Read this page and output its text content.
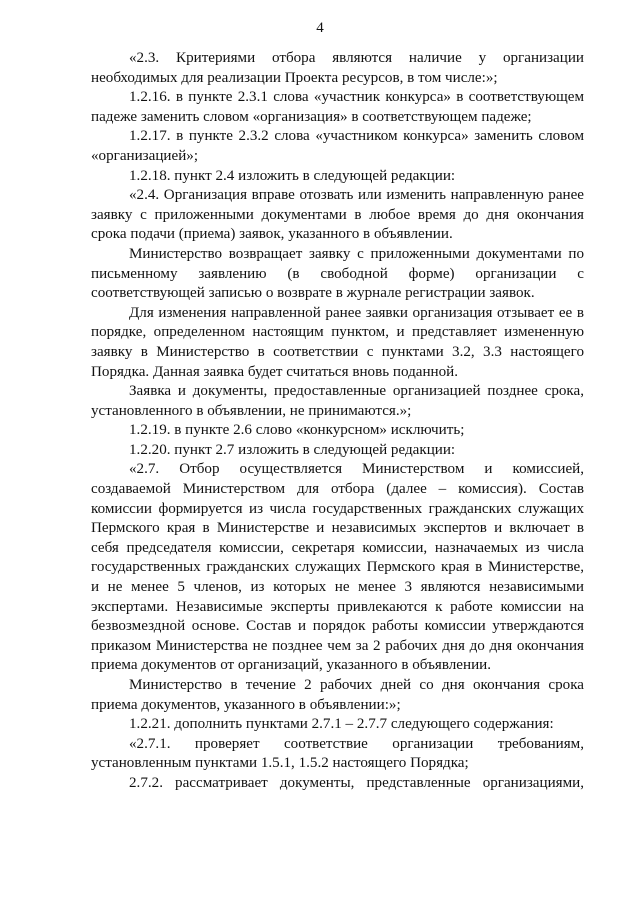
4

«2.3. Критериями отбора являются наличие у организации необходимых для реализации Проекта ресурсов, в том числе:»;

1.2.16. в пункте 2.3.1 слова «участник конкурса» в соответствующем падеже заменить словом «организация» в соответствующем падеже;

1.2.17. в пункте 2.3.2 слова «участником конкурса» заменить словом «организацией»;

1.2.18. пункт 2.4 изложить в следующей редакции:

«2.4. Организация вправе отозвать или изменить направленную ранее заявку с приложенными документами в любое время до дня окончания срока подачи (приема) заявок, указанного в объявлении.

Министерство возвращает заявку с приложенными документами по письменному заявлению (в свободной форме) организации с соответствующей записью о возврате в журнале регистрации заявок.

Для изменения направленной ранее заявки организация отзывает ее в порядке, определенном настоящим пунктом, и представляет измененную заявку в Министерство в соответствии с пунктами 3.2, 3.3 настоящего Порядка. Данная заявка будет считаться вновь поданной.

Заявка и документы, предоставленные организацией позднее срока, установленного в объявлении, не принимаются.»;

1.2.19. в пункте 2.6 слово «конкурсном» исключить;

1.2.20. пункт 2.7 изложить в следующей редакции:

«2.7. Отбор осуществляется Министерством и комиссией, создаваемой Министерством для отбора (далее – комиссия). Состав комиссии формируется из числа государственных гражданских служащих Пермского края в Министерстве и независимых экспертов и включает в себя председателя комиссии, секретаря комиссии, назначаемых из числа государственных гражданских служащих Пермского края в Министерстве, и не менее 5 членов, из которых не менее 3 являются независимыми экспертами. Независимые эксперты привлекаются к работе комиссии на безвозмездной основе. Состав и порядок работы комиссии утверждаются приказом Министерства не позднее чем за 2 рабочих дня до дня окончания приема документов от организаций, указанного в объявлении.

Министерство в течение 2 рабочих дней со дня окончания срока приема документов, указанного в объявлении:»;

1.2.21. дополнить пунктами 2.7.1 – 2.7.7 следующего содержания:

«2.7.1. проверяет соответствие организации требованиям, установленным пунктами 1.5.1, 1.5.2 настоящего Порядка;

2.7.2. рассматривает документы, представленные организациями,
